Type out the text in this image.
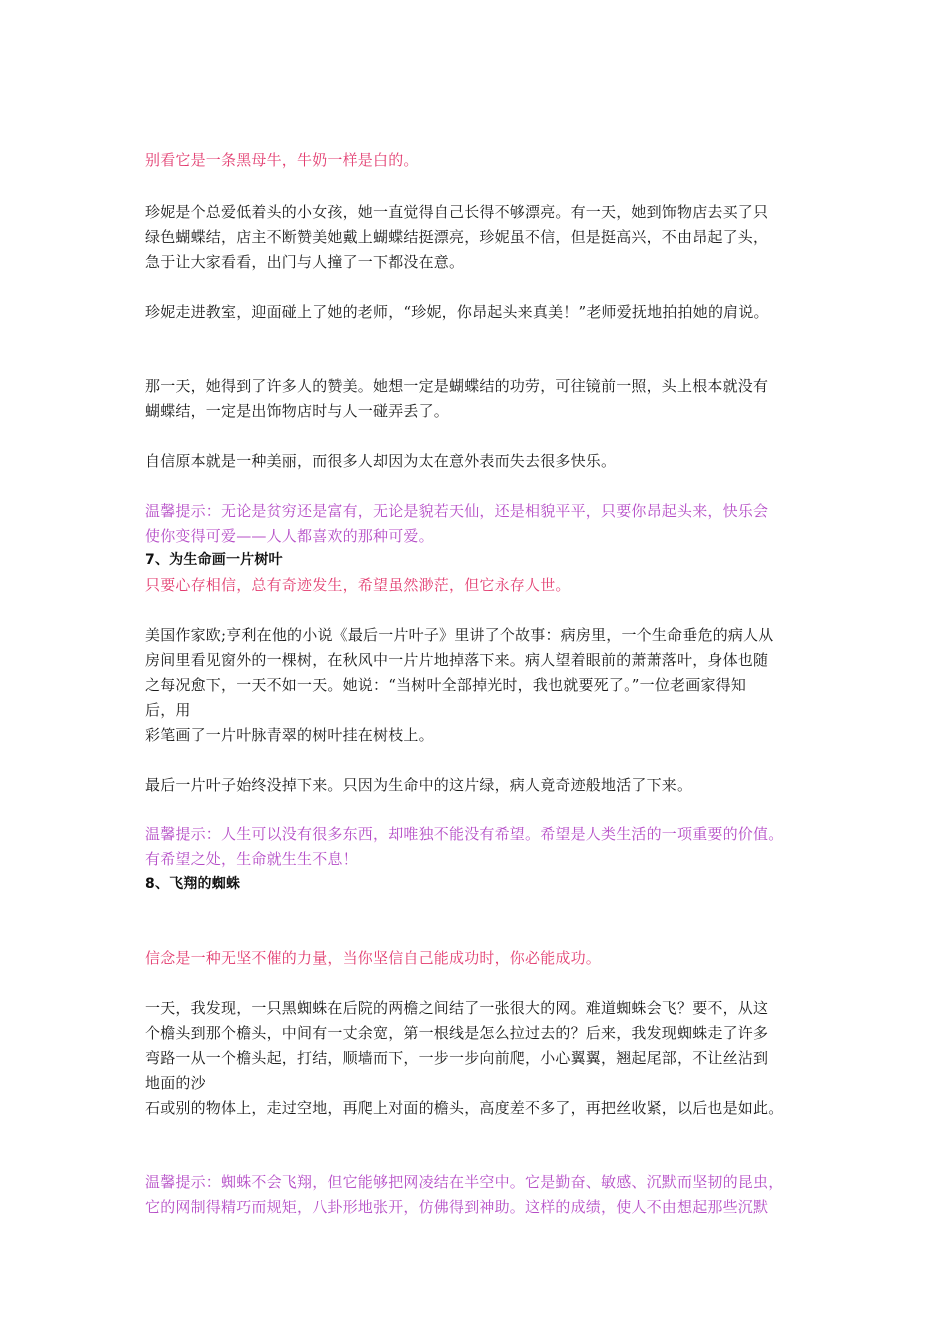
别看它是一条黑母牛，牛奶一样是白的。
珍妮是个总爱低着头的小女孩，她一直觉得自己长得不够漂亮。有一天，她到饰物店去买了只
绿色蝴蝶结，店主不断赞美她戴上蝴蝶结挺漂亮，珍妮虽不信，但是挺高兴，不由昂起了头，
急于让大家看看，出门与人撞了一下都没在意。
珍妮走进教室，迎面碰上了她的老师，“珍妮，你昂起头来真美！”老师爱抚地拍拍她的肩说。
那一天，她得到了许多人的赞美。她想一定是蝴蝶结的功劳，可往镜前一照，头上根本就没有
蝴蝶结，一定是出饰物店时与人一碰弄丢了。
自信原本就是一种美丽，而很多人却因为太在意外表而失去很多快乐。
温馨提示：无论是贫穷还是富有，无论是貌若天仙，还是相貌平平，只要你昂起头来，快乐会
使你变得可爱——人人都喜欢的那种可爱。
7、为生命画一片树叶
只要心存相信，总有奇迹发生，希望虽然渺茫，但它永存人世。
美国作家欧;亨利在他的小说《最后一片叶子》里讲了个故事：病房里，一个生命垂危的病人从
房间里看见窗外的一棵树，在秋风中一片片地掉落下来。病人望着眼前的萧萧落叶，身体也随
之每况愈下，一天不如一天。她说：“当树叶全部掉光时，我也就要死了。”一位老画家得知
后，用
彩笔画了一片叶脉青翠的树叶挂在树枝上。
最后一片叶子始终没掉下来。只因为生命中的这片绿，病人竟奇迹般地活了下来。
温馨提示：人生可以没有很多东西，却唯独不能没有希望。希望是人类生活的一项重要的价值。
有希望之处，生命就生生不息！
8、飞翔的蜘蛛
信念是一种无坚不催的力量，当你坚信自己能成功时，你必能成功。
一天，我发现，一只黑蜘蛛在后院的两檐之间结了一张很大的网。难道蜘蛛会飞？要不，从这
个檐头到那个檐头，中间有一丈余宽，第一根线是怎么拉过去的？后来，我发现蜘蛛走了许多
弯路一从一个檐头起，打结，顺墙而下，一步一步向前爬，小心翼翼，翘起尾部，不让丝沾到
地面的沙
石或别的物体上，走过空地，再爬上对面的檐头，高度差不多了，再把丝收紧，以后也是如此。
温馨提示：蜘蛛不会飞翔，但它能够把网凌结在半空中。它是勤奋、敏感、沉默而坚韧的昆虫，
它的网制得精巧而规矩，八卦形地张开，仿佛得到神助。这样的成绩，使人不由想起那些沉默
